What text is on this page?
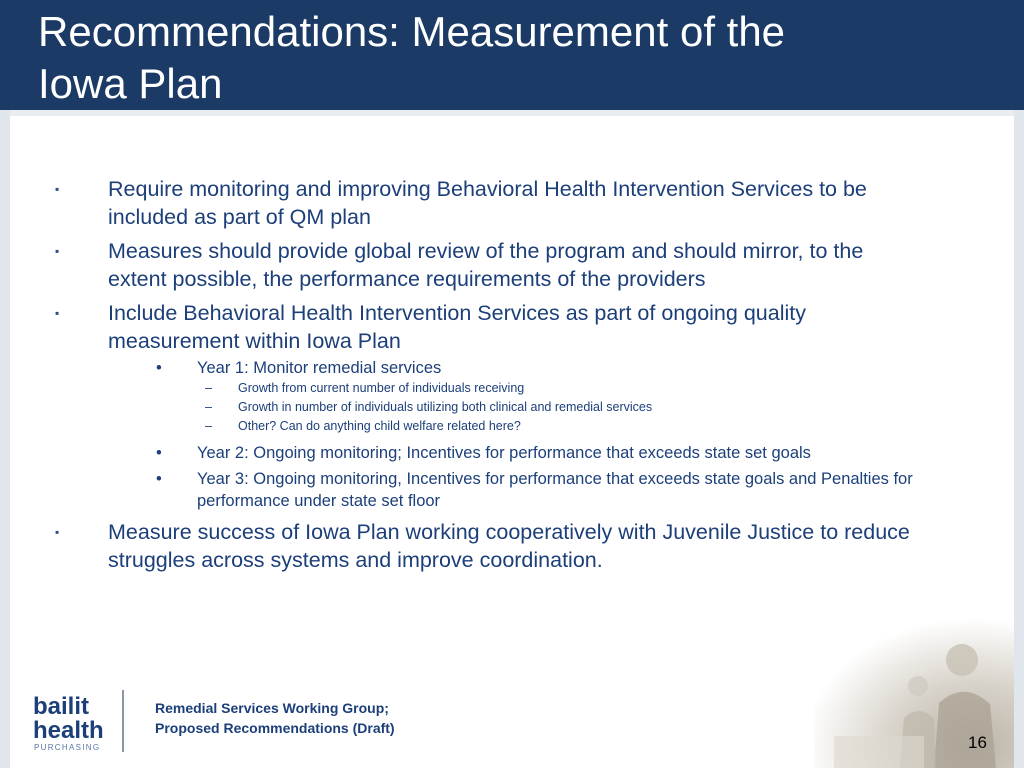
Recommendations: Measurement of the
Iowa Plan
▪ Require monitoring and improving Behavioral Health Intervention Services to be included as part of QM plan
▪ Measures should provide global review of the program and should mirror, to the extent possible, the performance requirements of the providers
▪ Include Behavioral Health Intervention Services as part of ongoing quality measurement within Iowa Plan
• Year 1: Monitor remedial services
– Growth from current number of individuals receiving
– Growth in number of individuals utilizing both clinical and remedial services
– Other? Can do anything child welfare related here?
• Year 2: Ongoing monitoring; Incentives for performance that exceeds state set goals
• Year 3: Ongoing monitoring, Incentives for performance that exceeds state goals and Penalties for performance under state set floor
▪ Measure success of Iowa Plan working cooperatively with Juvenile Justice to reduce struggles across systems and improve coordination.
bailit
health
PURCHASING
Remedial Services Working Group;
Proposed Recommendations (Draft)
16
